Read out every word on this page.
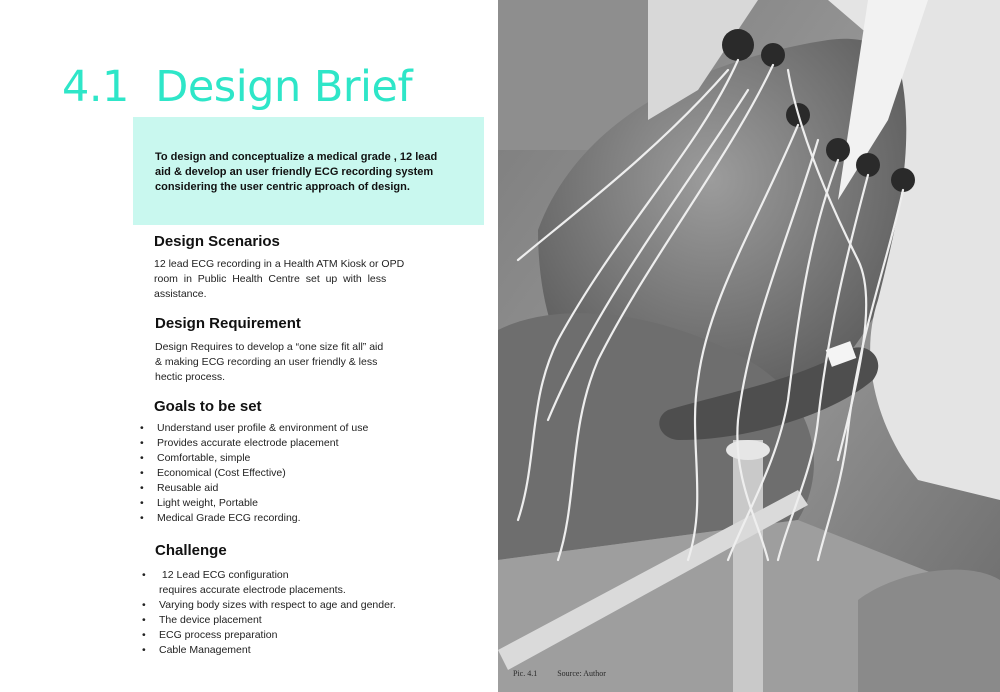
4.1 Design Brief
To design and conceptualize a medical grade , 12 lead
aid & develop an user friendly ECG recording system
considering the user centric approach of design.
Design Scenarios
12 lead ECG recording in a Health ATM Kiosk or OPD
room  in  Public  Health  Centre  set  up  with  less
assistance.
Design Requirement
Design Requires to develop a “one size fit all” aid
& making ECG recording an user friendly & less
hectic process.
Goals to be set
• Understand user profile & environment of use
• Provides accurate electrode placement
• Comfortable, simple
• Economical (Cost Effective)
• Reusable aid
• Light weight, Portable
• Medical Grade ECG recording.
Challenge
•  12 Lead ECG configuration
requires accurate electrode placements.
• Varying body sizes with respect to age and gender.
• The device placement
• ECG process preparation
• Cable Management
Pic. 4.1	Source: Author
